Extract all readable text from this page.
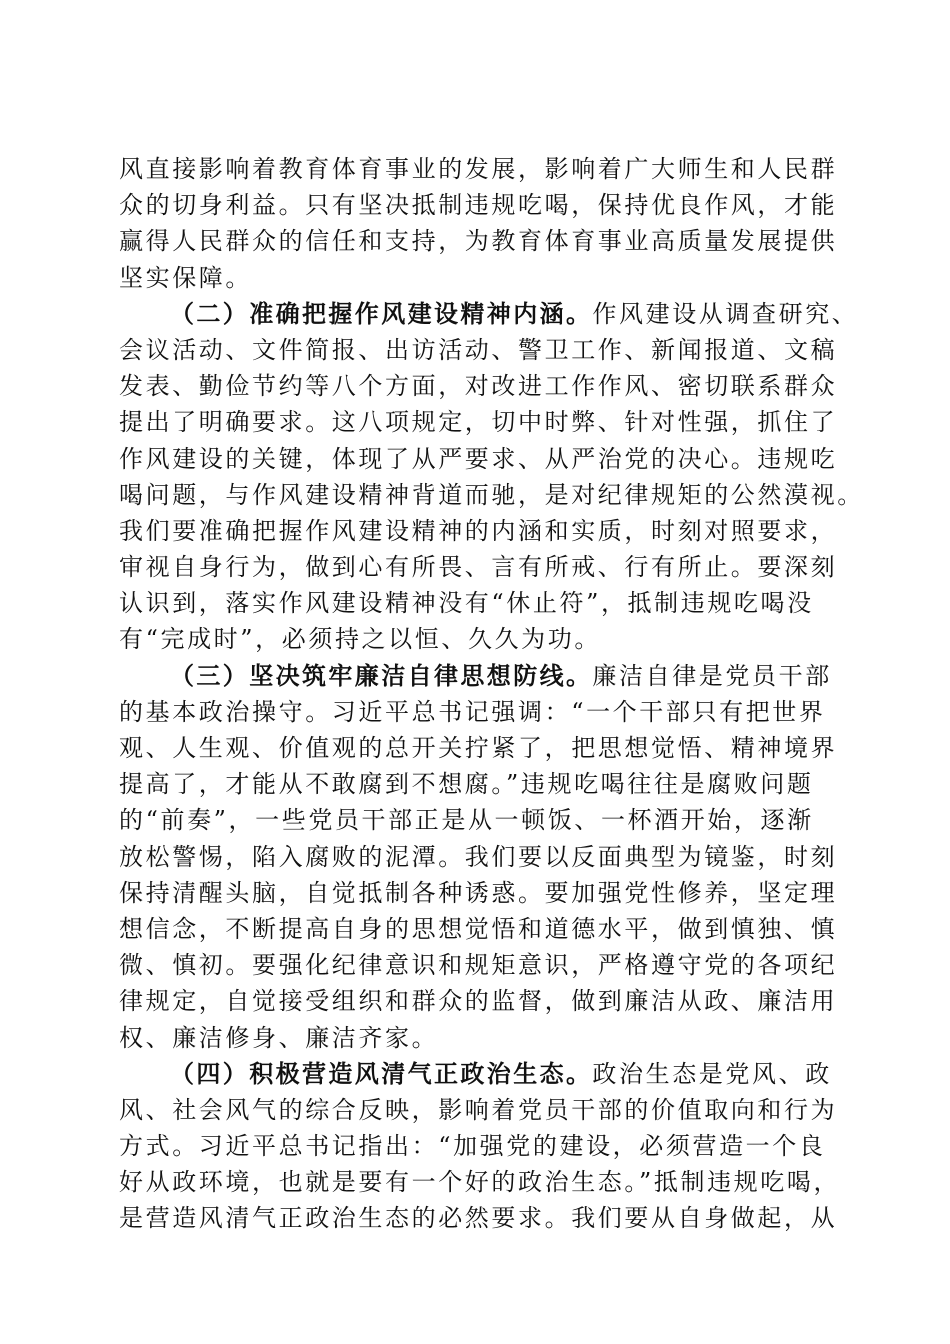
风直接影响着教育体育事业的发展，影响着广大师生和人民群
众的切身利益。只有坚决抵制违规吃喝，保持优良作风，才能
赢得人民群众的信任和支持，为教育体育事业高质量发展提供
坚实保障。
（二）准确把握作风建设精神内涵。作风建设从调查研究、
会议活动、文件简报、出访活动、警卫工作、新闻报道、文稿
发表、勤俭节约等八个方面，对改进工作作风、密切联系群众
提出了明确要求。这八项规定，切中时弊、针对性强，抓住了
作风建设的关键，体现了从严要求、从严治党的决心。违规吃
喝问题，与作风建设精神背道而驰，是对纪律规矩的公然漠视。
我们要准确把握作风建设精神的内涵和实质，时刻对照要求，
审视自身行为，做到心有所畏、言有所戒、行有所止。要深刻
认识到，落实作风建设精神没有“休止符”，抵制违规吃喝没
有“完成时”，必须持之以恒、久久为功。
（三）坚决筑牢廉洁自律思想防线。廉洁自律是党员干部
的基本政治操守。习近平总书记强调：“一个干部只有把世界
观、人生观、价值观的总开关拧紧了，把思想觉悟、精神境界
提高了，才能从不敢腐到不想腐。”违规吃喝往往是腐败问题
的“前奏”，一些党员干部正是从一顿饭、一杯酒开始，逐渐
放松警惕，陷入腐败的泥潭。我们要以反面典型为镜鉴，时刻
保持清醒头脑，自觉抵制各种诱惑。要加强党性修养，坚定理
想信念，不断提高自身的思想觉悟和道德水平，做到慎独、慎
微、慎初。要强化纪律意识和规矩意识，严格遵守党的各项纪
律规定，自觉接受组织和群众的监督，做到廉洁从政、廉洁用
权、廉洁修身、廉洁齐家。
（四）积极营造风清气正政治生态。政治生态是党风、政
风、社会风气的综合反映，影响着党员干部的价值取向和行为
方式。习近平总书记指出：“加强党的建设，必须营造一个良
好从政环境，也就是要有一个好的政治生态。”抵制违规吃喝，
是营造风清气正政治生态的必然要求。我们要从自身做起，从
